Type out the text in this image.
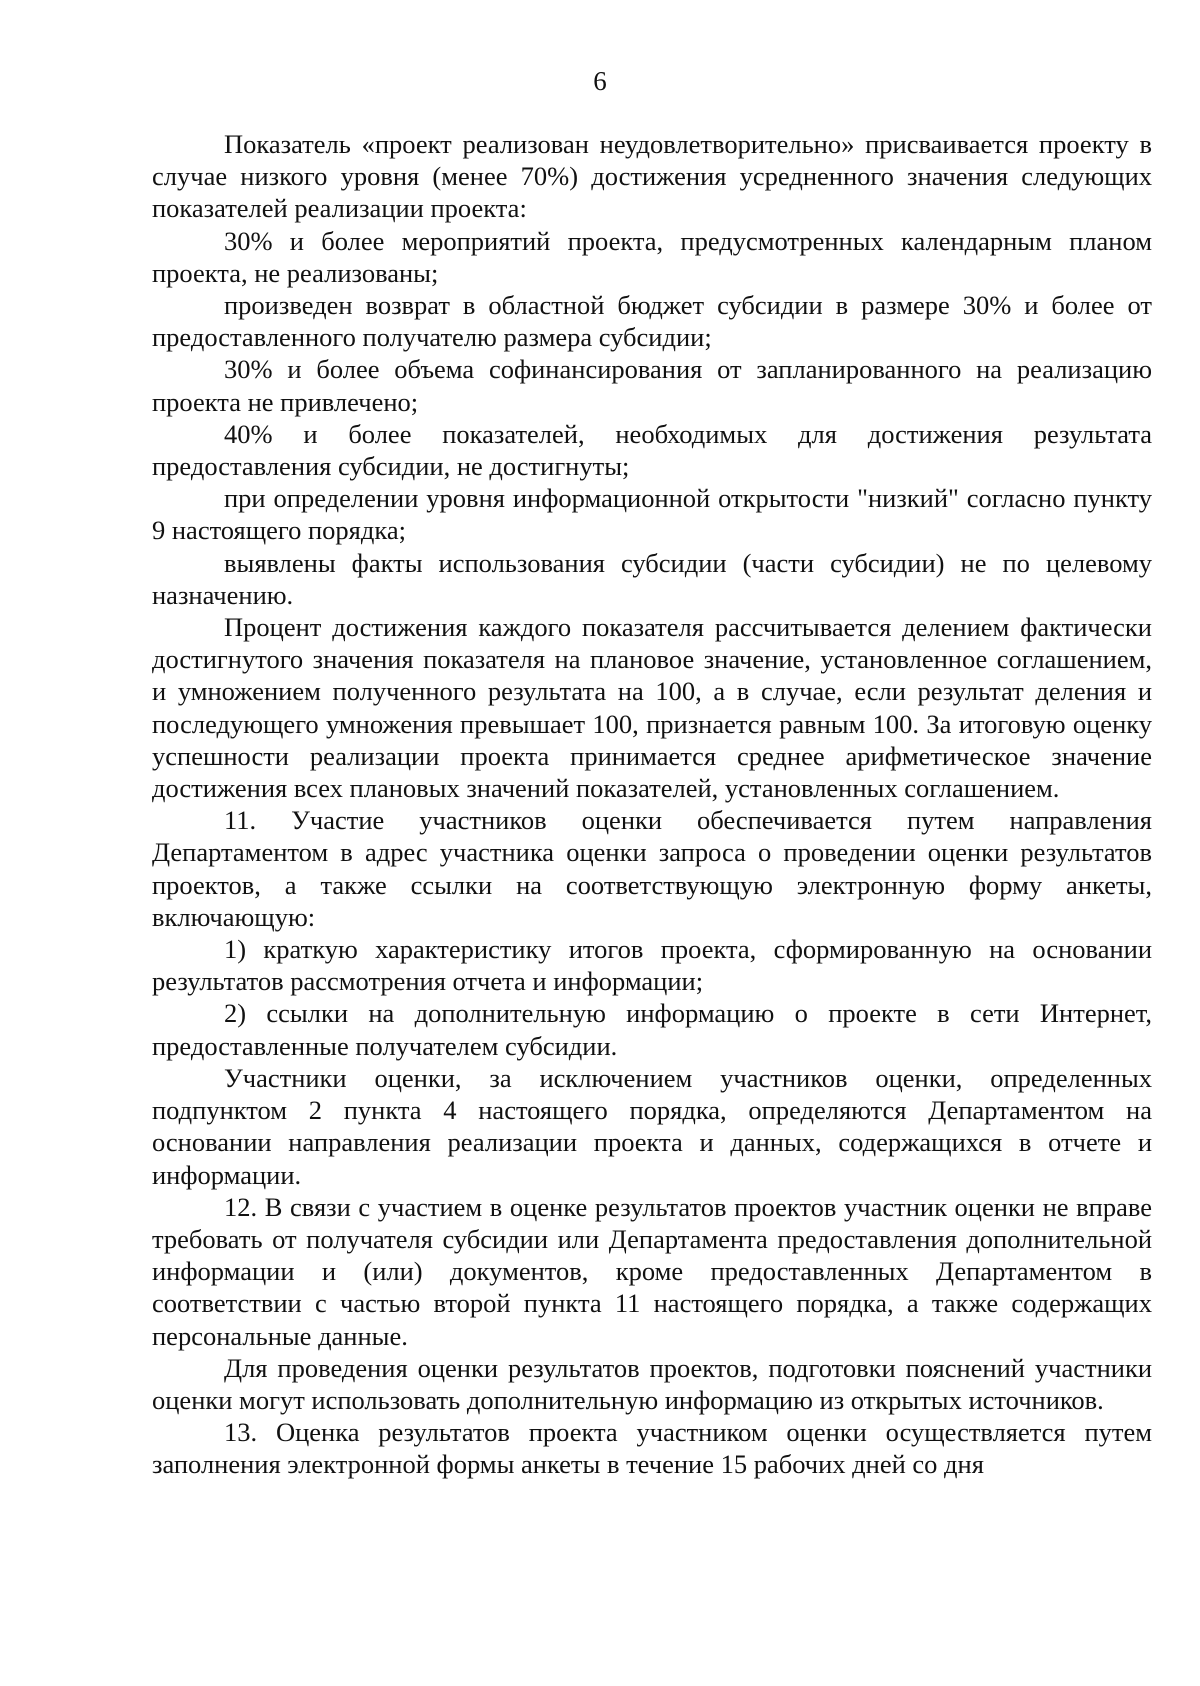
6

Показатель «проект реализован неудовлетворительно» присваивается проекту в случае низкого уровня (менее 70%) достижения усредненного значения следующих показателей реализации проекта:

30% и более мероприятий проекта, предусмотренных календарным планом проекта, не реализованы;

произведен возврат в областной бюджет субсидии в размере 30% и более от предоставленного получателю размера субсидии;

30% и более объема софинансирования от запланированного на реализацию проекта не привлечено;

40% и более показателей, необходимых для достижения результата предоставления субсидии, не достигнуты;

при определении уровня информационной открытости "низкий" согласно пункту 9 настоящего порядка;

выявлены факты использования субсидии (части субсидии) не по целевому назначению.

Процент достижения каждого показателя рассчитывается делением фактически достигнутого значения показателя на плановое значение, установленное соглашением, и умножением полученного результата на 100, а в случае, если результат деления и последующего умножения превышает 100, признается равным 100. За итоговую оценку успешности реализации проекта принимается среднее арифметическое значение достижения всех плановых значений показателей, установленных соглашением.

11. Участие участников оценки обеспечивается путем направления Департаментом в адрес участника оценки запроса о проведении оценки результатов проектов, а также ссылки на соответствующую электронную форму анкеты, включающую:

1) краткую характеристику итогов проекта, сформированную на основании результатов рассмотрения отчета и информации;

2) ссылки на дополнительную информацию о проекте в сети Интернет, предоставленные получателем субсидии.

Участники оценки, за исключением участников оценки, определенных подпунктом 2 пункта 4 настоящего порядка, определяются Департаментом на основании направления реализации проекта и данных, содержащихся в отчете и информации.

12. В связи с участием в оценке результатов проектов участник оценки не вправе требовать от получателя субсидии или Департамента предоставления дополнительной информации и (или) документов, кроме предоставленных Департаментом в соответствии с частью второй пункта 11 настоящего порядка, а также содержащих персональные данные.

Для проведения оценки результатов проектов, подготовки пояснений участники оценки могут использовать дополнительную информацию из открытых источников.

13. Оценка результатов проекта участником оценки осуществляется путем заполнения электронной формы анкеты в течение 15 рабочих дней со дня
